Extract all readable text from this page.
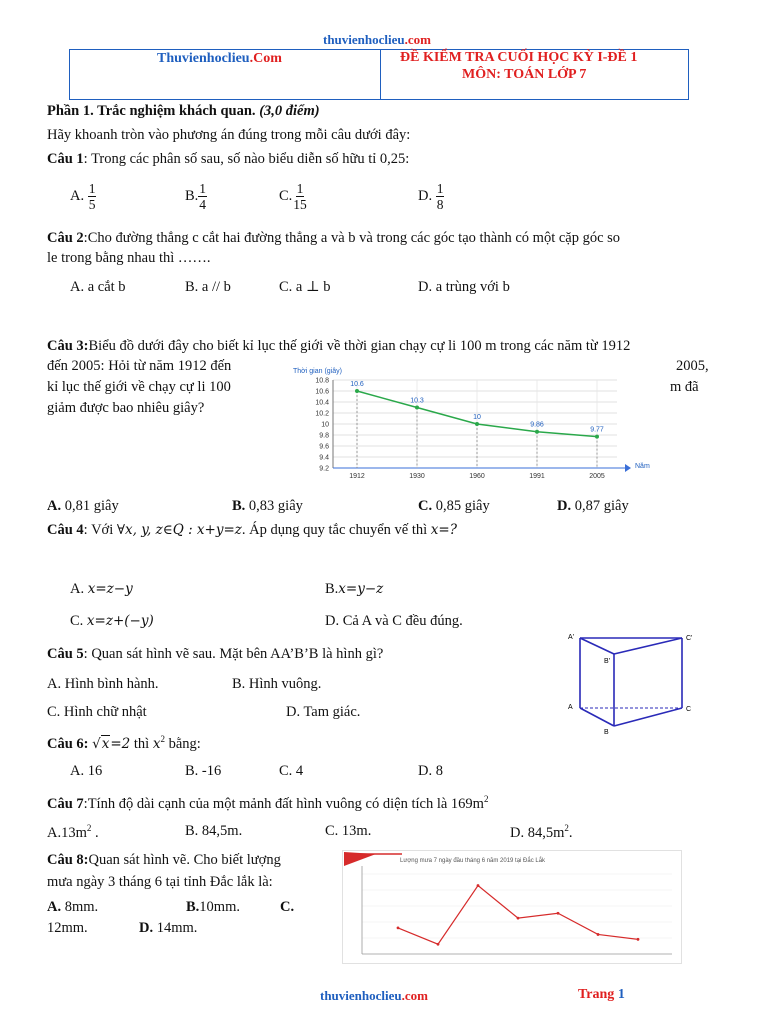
thuvienhoclieu.com
Thuvienhoclieu.Com	ĐỀ KIỂM TRA CUỐI HỌC KỲ I-ĐỀ 1
MÔN: TOÁN LỚP 7
Phần 1. Trắc nghiệm khách quan. (3,0 điểm)
Hãy khoanh tròn vào phương án đúng trong mỗi câu dưới đây:
Câu 1: Trong các phân số sau, số nào biểu diễn số hữu tỉ 0,25:
A. $\frac{1}{5}$	B. $\frac{1}{4}$	C. $\frac{1}{15}$	D. $\frac{1}{8}$
Câu 2:Cho đường thẳng c cắt hai đường thẳng a và b và trong các góc tạo thành có một cặp góc so
le trong bằng nhau thì …….
A. a cắt b	B. a // b	C. a ⊥ b	D. a trùng với b
Câu 3:Biểu đồ dưới đây cho biết kỉ lục thế giới về thời gian chạy cự li 100 m trong các năm từ 1912
đến 2005: Hỏi từ năm 1912 đến	2005,
kỉ lục thế giới về chạy cự li 100	m đã
giảm được bao nhiêu giây?
Thời gian (giây)
Năm
10.8
10.6
10.4
10.2
10
9.8
9.6
9.4
9.2
1912	1930	1960	1991	2005
10.6
10.3
10
9.86
9.77
A. 0,81 giây	B. 0,83 giây	C. 0,85 giây	D. 0,87 giây
Câu 4: Với ∀x, y, z∈Q : x+y=z. Áp dụng quy tắc chuyển vế thì x=?
A. x=z−y	B.x=y−z
C. x=z+(−y)	D. Cả A và C đều đúng.
Câu 5: Quan sát hình vẽ sau. Mặt bên AA’B’B là hình gì?
A. Hình bình hành.	B. Hình vuông.
C. Hình chữ nhật	D. Tam giác.
A'	C'
B'
A	C
B
Câu 6: √x=2 thì $x^2$ bằng:
A. 16	B. -16	C. 4	D. 8
Câu 7:Tính độ dài cạnh của một mảnh đất hình vuông có diện tích là $169m^2$
$A.13m^2$ .	B. 84,5m.	C. 13m.	D. $84,5m^2$.
Câu 8:Quan sát hình vẽ. Cho biết lượng
mưa ngày 3 tháng 6 tại tỉnh Đắc lắk là:
A. 8mm.	B.10mm.	C.
12mm.	D. 14mm.
Lượng mưa 7 ngày đầu tháng 6 năm 2019 tại Đắc Lắk
thuvienhoclieu.com	Trang 1
